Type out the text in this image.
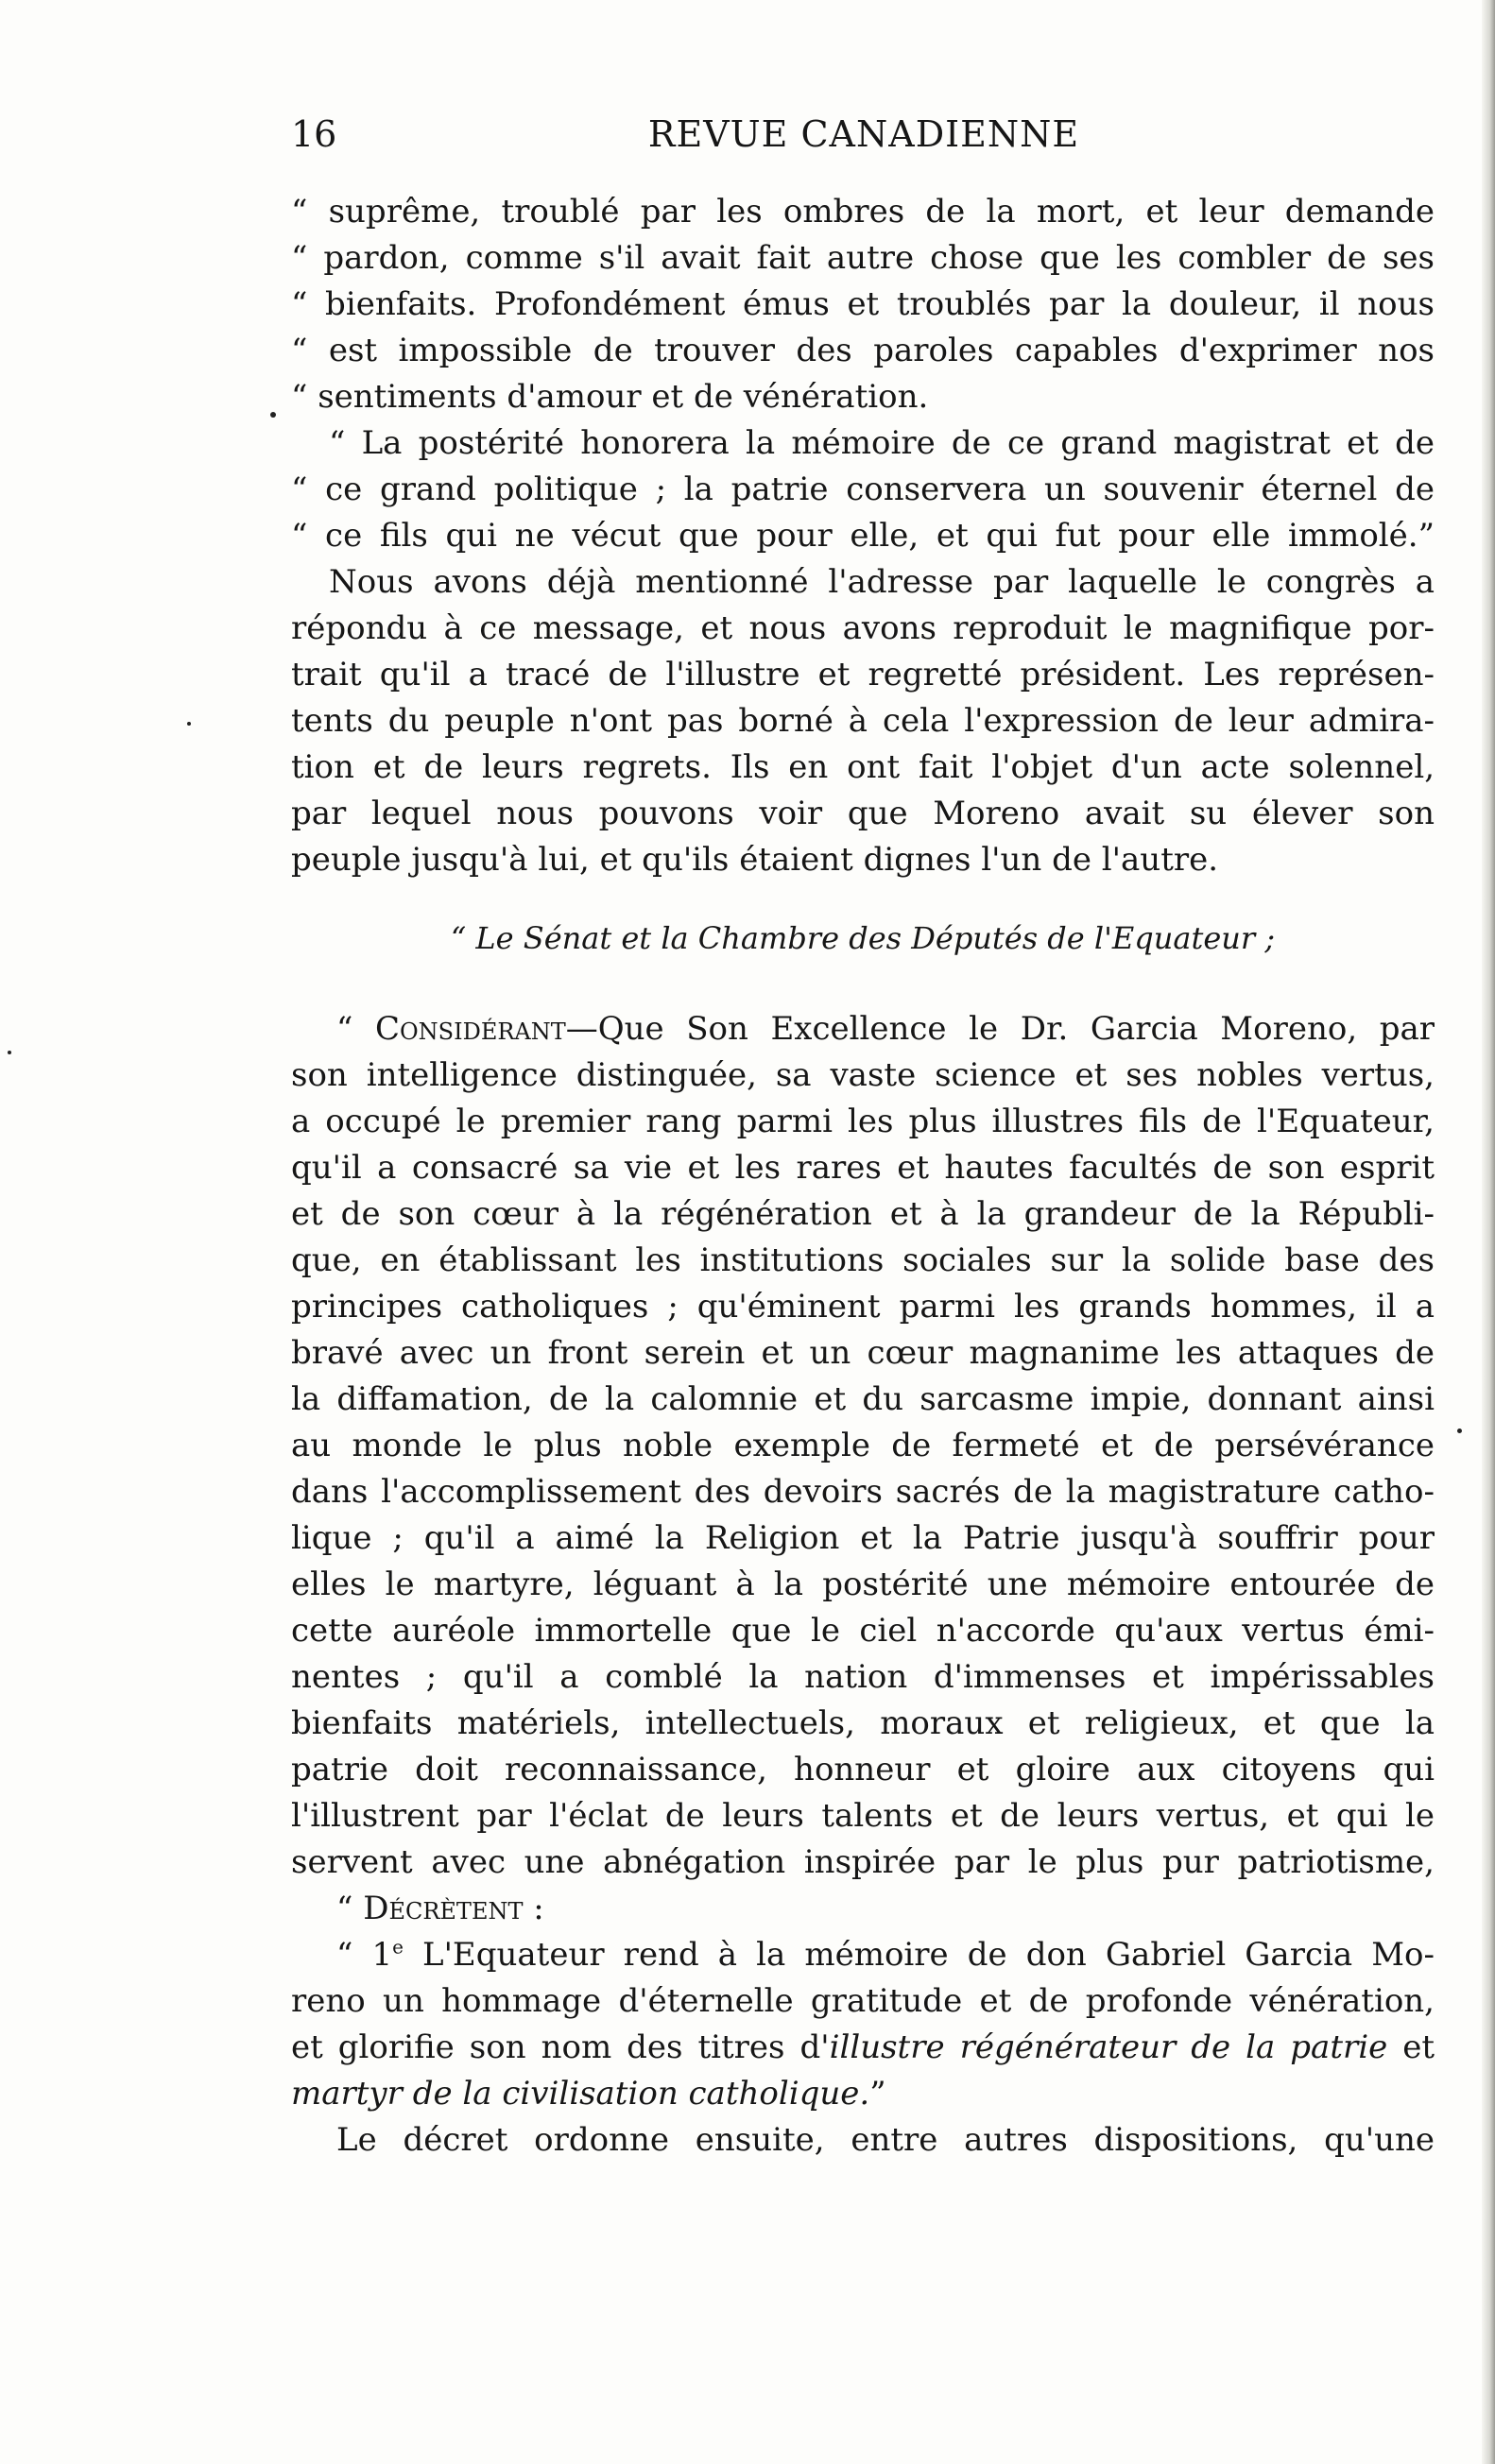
16	REVUE CANADIENNE
“ suprême, troublé par les ombres de la mort, et leur demande
“ pardon, comme s'il avait fait autre chose que les combler de ses
“ bienfaits. Profondément émus et troublés par la douleur, il nous
“ est impossible de trouver des paroles capables d'exprimer nos
“ sentiments d'amour et de vénération.
“ La postérité honorera la mémoire de ce grand magistrat et de
“ ce grand politique ; la patrie conservera un souvenir éternel de
“ ce fils qui ne vécut que pour elle, et qui fut pour elle immolé.”
Nous avons déjà mentionné l'adresse par laquelle le congrès a
répondu à ce message, et nous avons reproduit le magnifique por-
trait qu'il a tracé de l'illustre et regretté président. Les représen-
tents du peuple n'ont pas borné à cela l'expression de leur admira-
tion et de leurs regrets. Ils en ont fait l'objet d'un acte solennel,
par lequel nous pouvons voir que Moreno avait su élever son
peuple jusqu'à lui, et qu'ils étaient dignes l'un de l'autre.
“ Le Sénat et la Chambre des Députés de l'Equateur ;
“ Considérant—Que Son Excellence le Dr. Garcia Moreno, par
son intelligence distinguée, sa vaste science et ses nobles vertus,
a occupé le premier rang parmi les plus illustres fils de l'Equateur,
qu'il a consacré sa vie et les rares et hautes facultés de son esprit
et de son cœur à la régénération et à la grandeur de la Républi-
que, en établissant les institutions sociales sur la solide base des
principes catholiques ; qu'éminent parmi les grands hommes, il a
bravé avec un front serein et un cœur magnanime les attaques de
la diffamation, de la calomnie et du sarcasme impie, donnant ainsi
au monde le plus noble exemple de fermeté et de persévérance
dans l'accomplissement des devoirs sacrés de la magistrature catho-
lique ; qu'il a aimé la Religion et la Patrie jusqu'à souffrir pour
elles le martyre, léguant à la postérité une mémoire entourée de
cette auréole immortelle que le ciel n'accorde qu'aux vertus émi-
nentes ; qu'il a comblé la nation d'immenses et impérissables
bienfaits matériels, intellectuels, moraux et religieux, et que la
patrie doit reconnaissance, honneur et gloire aux citoyens qui
l'illustrent par l'éclat de leurs talents et de leurs vertus, et qui le
servent avec une abnégation inspirée par le plus pur patriotisme,
“ Décrètent :
“ 1e L'Equateur rend à la mémoire de don Gabriel Garcia Mo-
reno un hommage d'éternelle gratitude et de profonde vénération,
et glorifie son nom des titres d'illustre régénérateur de la patrie et
martyr de la civilisation catholique.”
Le décret ordonne ensuite, entre autres dispositions, qu'une
